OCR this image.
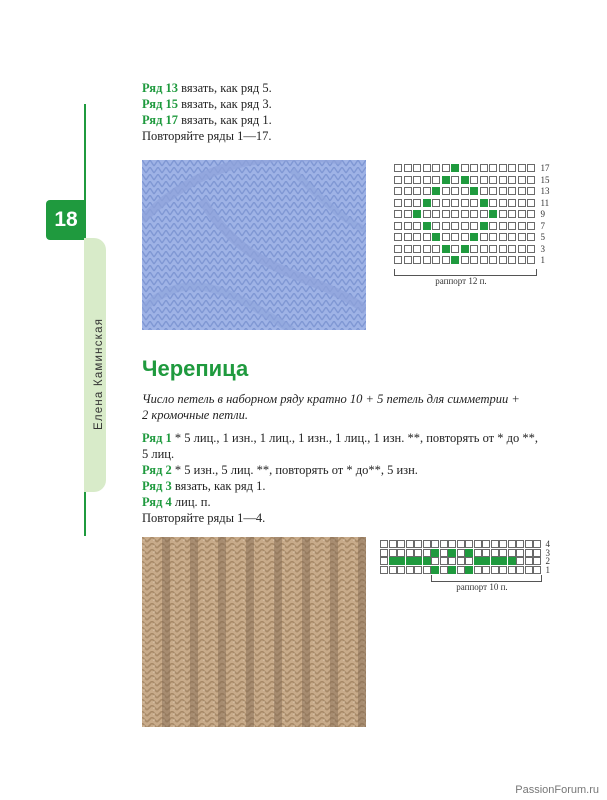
Ряд 13 вязать, как ряд 5.
Ряд 15 вязать, как ряд 3.
Ряд 17 вязать, как ряд 1.
Повторяйте ряды 1—17.
18
Елена Каминская
17
15
13
11
9
7
5
3
1
раппорт 12 п.
Черепица
Число петель в наборном ряду кратно 10 + 5 петель для симметрии +
2 кромочные петли.
Ряд 1 * 5 лиц., 1 изн., 1 лиц., 1 изн., 1 лиц., 1 изн. **, повторять от * до **,
5 лиц.
Ряд 2 * 5 изн., 5 лиц. **, повторять от * до**, 5 изн.
Ряд 3 вязать, как ряд 1.
Ряд 4 лиц. п.
Повторяйте ряды 1—4.
4
3
2
1
раппорт 10 п.
PassionForum.ru
